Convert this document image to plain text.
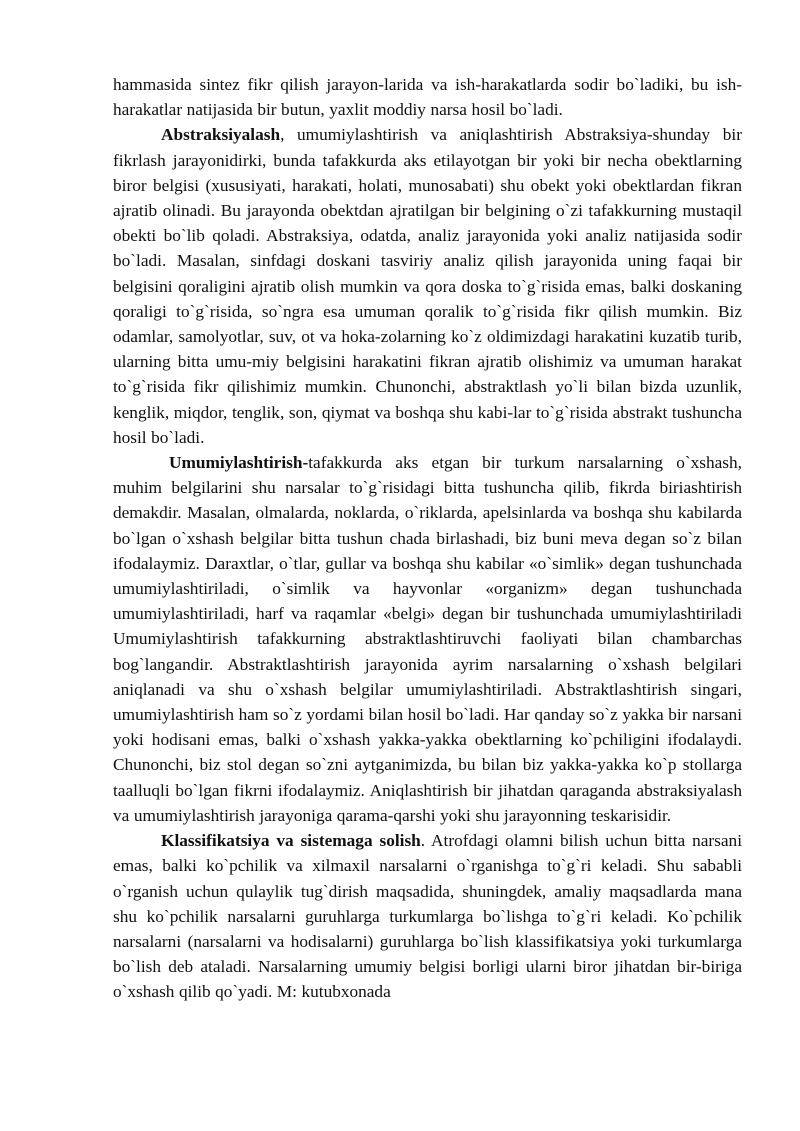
hammasida sintez fikr qilish jarayon-larida va ish-harakatlarda sodir bo`ladiki, bu ish-harakatlar natijasida bir butun, yaxlit moddiy narsa hosil bo`ladi.

Abstraksiyalash, umumiylashtirish va aniqlashtirish Abstraksiya-shunday bir fikrlash jarayonidirki, bunda tafakkurda aks etilayotgan bir yoki bir necha obektlarning biror belgisi (xususiyati, harakati, holati, munosabati) shu obekt yoki obektlardan fikran ajratib olinadi. Bu jarayonda obektdan ajratilgan bir belgining o`zi tafakkurning mustaqil obekti bo`lib qoladi. Abstraksiya, odatda, analiz jarayonida yoki analiz natijasida sodir bo`ladi. Masalan, sinfdagi doskani tasviriy analiz qilish jarayonida uning faqai bir belgisini qoraligini ajratib olish mumkin va qora doska to`g`risida emas, balki doskaning qoraligi to`g`risida, so`ngra esa umuman qoralik to`g`risida fikr qilish mumkin. Biz odamlar, samolyotlar, suv, ot va hoka-zolarning ko`z oldimizdagi harakatini kuzatib turib, ularning bitta umu-miy belgisini harakatini fikran ajratib olishimiz va umuman harakat to`g`risida fikr qilishimiz mumkin. Chunonchi, abstraktlash yo`li bilan bizda uzunlik, kenglik, miqdor, tenglik, son, qiymat va boshqa shu kabi-lar to`g`risida abstrakt tushuncha hosil bo`ladi.

Umumiylashtirish-tafakkurda aks etgan bir turkum narsalarning o`xshash, muhim belgilarini shu narsalar to`g`risidagi bitta tushuncha qilib, fikrda biriashtirish demakdir. Masalan, olmalarda, noklarda, o`riklarda, apelsinlarda va boshqa shu kabilarda bo`lgan o`xshash belgilar bitta tushun chada birlashadi, biz buni meva degan so`z bilan ifodalaymiz. Daraxtlar, o`tlar, gullar va boshqa shu kabilar «o`simlik» degan tushunchada umumiylashtiriladi, o`simlik va hayvonlar «organizm» degan tushunchada umumiylashtiriladi, harf va raqamlar «belgi» degan bir tushunchada umumiylashtiriladi Umumiylashtirish tafakkurning abstraktlashtiruvchi faoliyati bilan chambarchas bog`langandir. Abstraktlashtirish jarayonida ayrim narsalarning o`xshash belgilari aniqlanadi va shu o`xshash belgilar umumiylashtiriladi. Abstraktlashtirish singari, umumiylashtirish ham so`z yordami bilan hosil bo`ladi. Har qanday so`z yakka bir narsani yoki hodisani emas, balki o`xshash yakka-yakka obektlarning ko`pchiligini ifodalaydi. Chunonchi, biz stol degan so`zni aytganimizda, bu bilan biz yakka-yakka ko`p stollarga taalluqli bo`lgan fikrni ifodalaymiz. Aniqlashtirish bir jihatdan qaraganda abstraksiyalash va umumiylashtirish jarayoniga qarama-qarshi yoki shu jarayonning teskarisidir.

Klassifikatsiya va sistemaga solish. Atrofdagi olamni bilish uchun bitta narsani emas, balki ko`pchilik va xilmaxil narsalarni o`rganishga to`g`ri keladi. Shu sababli o`rganish uchun qulaylik tug`dirish maqsadida, shuningdek, amaliy maqsadlarda mana shu ko`pchilik narsalarni guruhlarga turkumlarga bo`lishga to`g`ri keladi. Ko`pchilik narsalarni (narsalarni va hodisalarni) guruhlarga bo`lish klassifikatsiya yoki turkumlarga bo`lish deb ataladi. Narsalarning umumiy belgisi borligi ularni biror jihatdan bir-biriga o`xshash qilib qo`yadi. M: kutubxonada
